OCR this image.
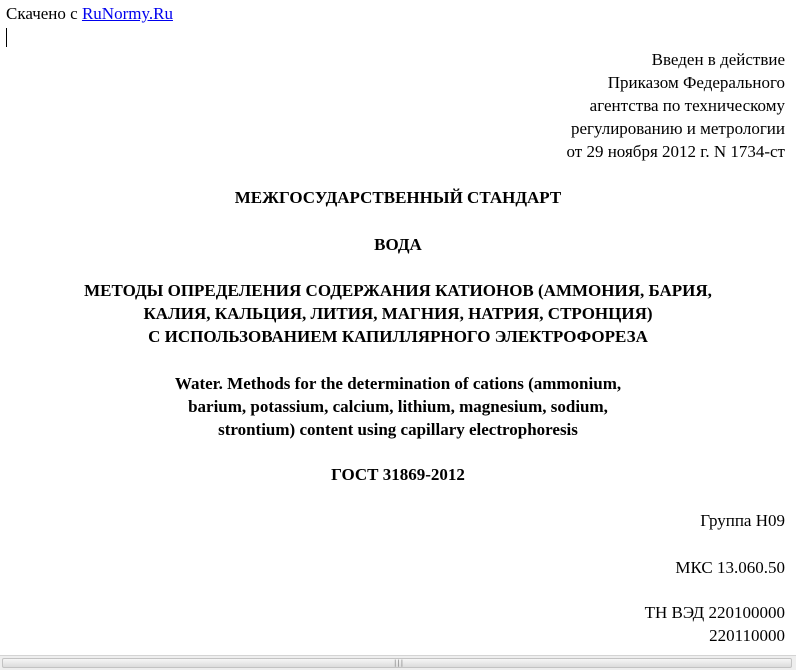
Скачено с RuNormy.Ru
Введен в действие
Приказом Федерального
агентства по техническому
регулированию и метрологии
от 29 ноября 2012 г. N 1734-ст
МЕЖГОСУДАРСТВЕННЫЙ СТАНДАРТ
ВОДА
МЕТОДЫ ОПРЕДЕЛЕНИЯ СОДЕРЖАНИЯ КАТИОНОВ (АММОНИЯ, БАРИЯ,
КАЛИЯ, КАЛЬЦИЯ, ЛИТИЯ, МАГНИЯ, НАТРИЯ, СТРОНЦИЯ)
С ИСПОЛЬЗОВАНИЕМ КАПИЛЛЯРНОГО ЭЛЕКТРОФОРЕЗА
Water. Methods for the determination of cations (ammonium,
barium, potassium, calcium, lithium, magnesium, sodium,
strontium) content using capillary electrophoresis
ГОСТ 31869-2012
Группа Н09
МКС 13.060.50
ТН ВЭД 220100000
220110000
|||
